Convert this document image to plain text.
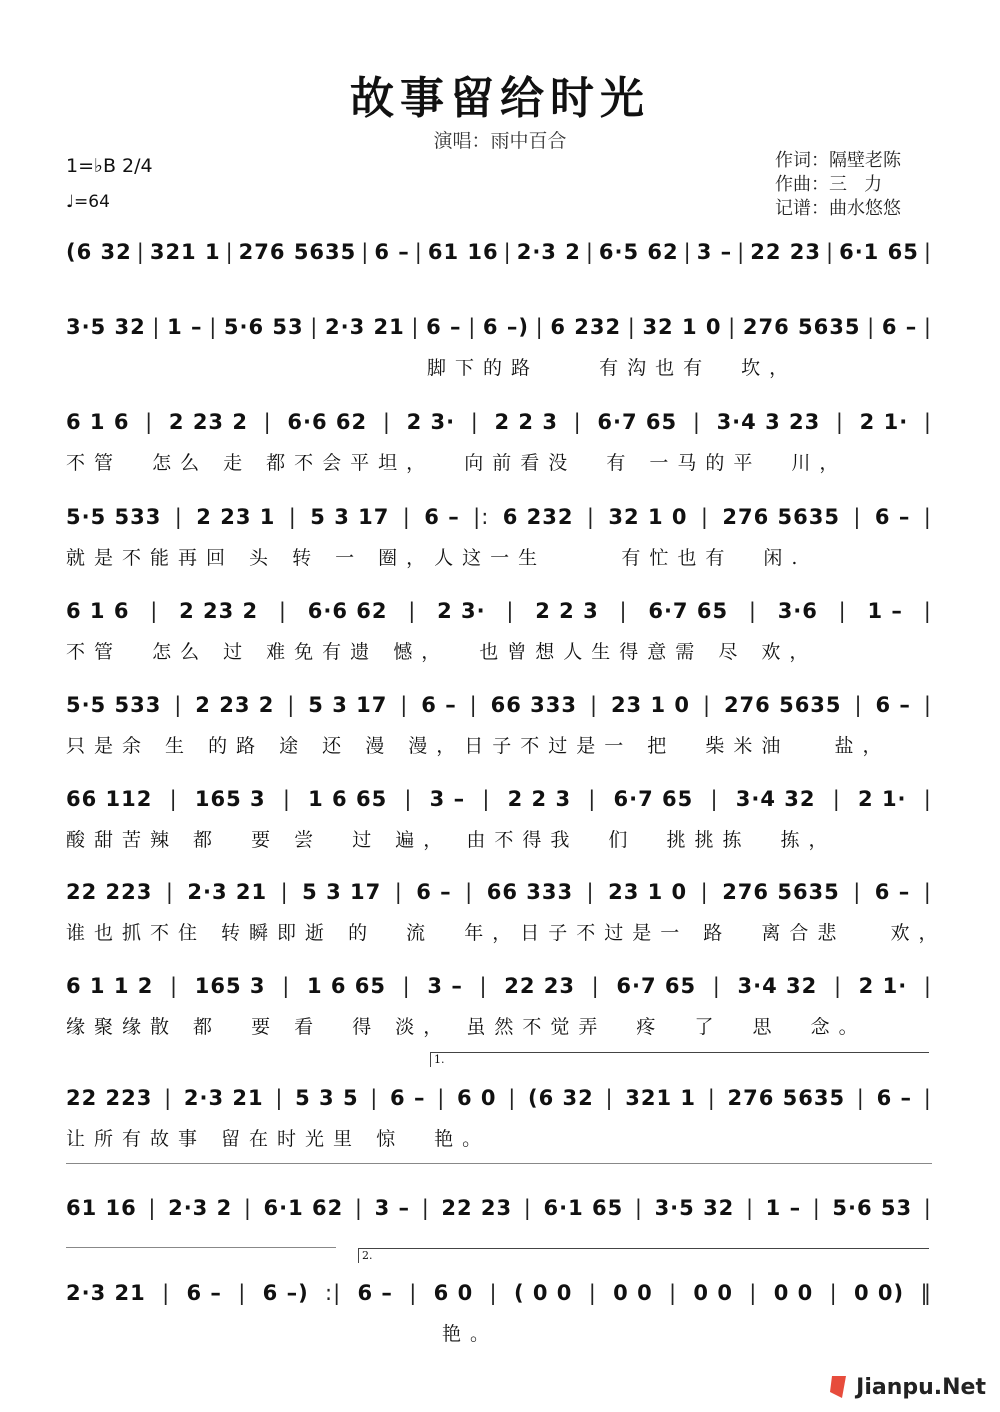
故事留给时光
演唱：雨中百合
1=♭B 2/4
♩=64
作词：隔壁老陈
作曲：三   力
记谱：曲水悠悠
(6 32 | 321 1 | 276 5635 | 6 – | 61 16 | 2·3 2 | 6·5 62 | 3 – | 22 23 | 6·1 65 |
3·5 32 | 1 – | 5·6 53 | 2·3 21 | 6 – | 6 –) | 6 232 | 32 1 0 | 276 5635 | 6 – |
脚下的路    有沟也有  坎，
6 1 6 | 2 23 2 | 6·6 62 | 2 3· | 2 2 3 | 6·7 65 | 3·4 3 23 | 2 1· |
不管  怎么 走 都不会平坦，  向前看没  有 一马的平  川，
5·5 533 | 2 23 1 | 5 3 17 | 6 – |: 6 232 | 32 1 0 | 276 5635 | 6 – |
就是不能再回 头 转 一 圈，人这一生     有忙也有  闲.
6 1 6 | 2 23 2 | 6·6 62 | 2 3· | 2 2 3 | 6·7 65 | 3·6 | 1 – |
不管  怎么 过 难免有遗 憾，  也曾想人生得意需 尽 欢，
5·5 533 | 2 23 2 | 5 3 17 | 6 – | 66 333 | 23 1 0 | 276 5635 | 6 – |
只是余 生 的路 途 还 漫 漫，日子不过是一 把  柴米油   盐，
66 112 | 165 3 | 1 6 65 | 3 – | 2 2 3 | 6·7 65 | 3·4 32 | 2 1· |
酸甜苦辣 都  要 尝  过 遍， 由不得我  们  挑挑拣  拣，
22 223 | 2·3 21 | 5 3 17 | 6 – | 66 333 | 23 1 0 | 276 5635 | 6 – |
谁也抓不住 转瞬即逝 的  流  年，日子不过是一 路  离合悲   欢，
6 1 1 2 | 165 3 | 1 6 65 | 3 – | 22 23 | 6·7 65 | 3·4 32 | 2 1· |
缘聚缘散 都  要 看  得 淡， 虽然不觉弄  疼  了  思  念。
22 223 | 2·3 21 | 5 3 5 | 6 – | 6 0 | (6 32 | 321 1 | 276 5635 | 6 – |
让所有故事 留在时光里 惊  艳。
61 16 | 2·3 2 | 6·1 62 | 3 – | 22 23 | 6·1 65 | 3·5 32 | 1 – | 5·6 53 |
2·3 21 | 6 – | 6 –) :| 6 – | 6 0 | ( 0 0 | 0 0 | 0 0 | 0 0 | 0 0) ‖
艳。
1.
2.
Jianpu.Net
